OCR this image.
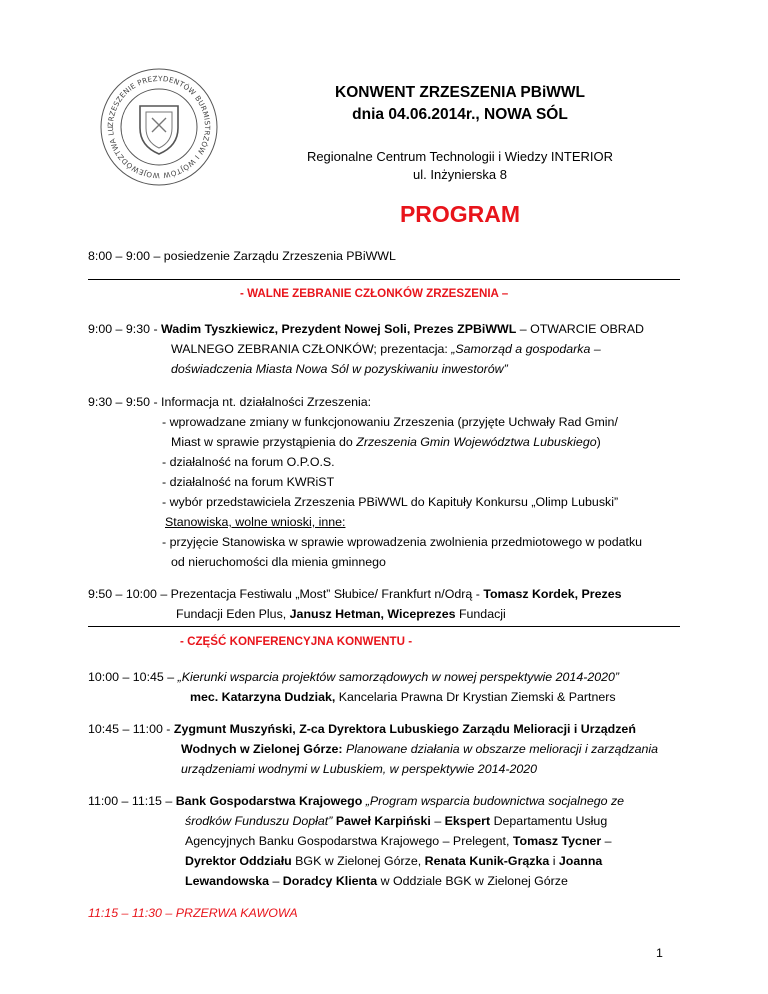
ZRZESZENIE PREZYDENTÓW BURMISTRZÓW I WÓJTÓW WOJEWÓDZTWA LU
KONWENT ZRZESZENIA PBiWWL
dnia 04.06.2014r., NOWA SÓL
Regionalne Centrum Technologii i Wiedzy INTERIOR
ul. Inżynierska 8
PROGRAM
8:00 – 9:00 – posiedzenie Zarządu Zrzeszenia PBiWWL
- WALNE ZEBRANIE CZŁONKÓW ZRZESZENIA –
9:00 – 9:30 - Wadim Tyszkiewicz, Prezydent Nowej Soli, Prezes ZPBiWWL – OTWARCIE OBRAD
WALNEGO ZEBRANIA CZŁONKÓW; prezentacja: „Samorząd a gospodarka –
doświadczenia Miasta Nowa Sól w pozyskiwaniu inwestorów”
9:30 – 9:50 - Informacja nt. działalności Zrzeszenia:
- wprowadzane zmiany w funkcjonowaniu Zrzeszenia (przyjęte Uchwały Rad Gmin/
Miast w sprawie przystąpienia do Zrzeszenia Gmin Województwa Lubuskiego)
- działalność na forum O.P.O.S.
- działalność na forum KWRiST
- wybór przedstawiciela Zrzeszenia PBiWWL do Kapituły Konkursu „Olimp Lubuski”
Stanowiska, wolne wnioski, inne:
- przyjęcie Stanowiska w sprawie wprowadzenia zwolnienia przedmiotowego w podatku
od nieruchomości dla mienia gminnego
9:50 – 10:00 – Prezentacja Festiwalu „Most” Słubice/ Frankfurt n/Odrą - Tomasz Kordek, Prezes
Fundacji Eden Plus, Janusz Hetman, Wiceprezes Fundacji
- CZĘŚĆ KONFERENCYJNA KONWENTU -
10:00 – 10:45 – „Kierunki wsparcia projektów samorządowych w nowej perspektywie 2014-2020”
mec. Katarzyna Dudziak, Kancelaria Prawna Dr Krystian Ziemski & Partners
10:45 – 11:00 - Zygmunt Muszyński, Z-ca Dyrektora Lubuskiego Zarządu Melioracji i Urządzeń
Wodnych w Zielonej Górze: Planowane działania w obszarze melioracji i zarządzania
urządzeniami wodnymi w Lubuskiem, w perspektywie 2014-2020
11:00 – 11:15 – Bank Gospodarstwa Krajowego „Program wsparcia budownictwa socjalnego ze
środków Funduszu Dopłat” Paweł Karpiński – Ekspert Departamentu Usług
Agencyjnych Banku Gospodarstwa Krajowego – Prelegent, Tomasz Tycner –
Dyrektor Oddziału BGK w Zielonej Górze, Renata Kunik-Grązka i Joanna
Lewandowska – Doradcy Klienta w Oddziale BGK w Zielonej Górze
11:15 – 11:30 – PRZERWA KAWOWA
1
